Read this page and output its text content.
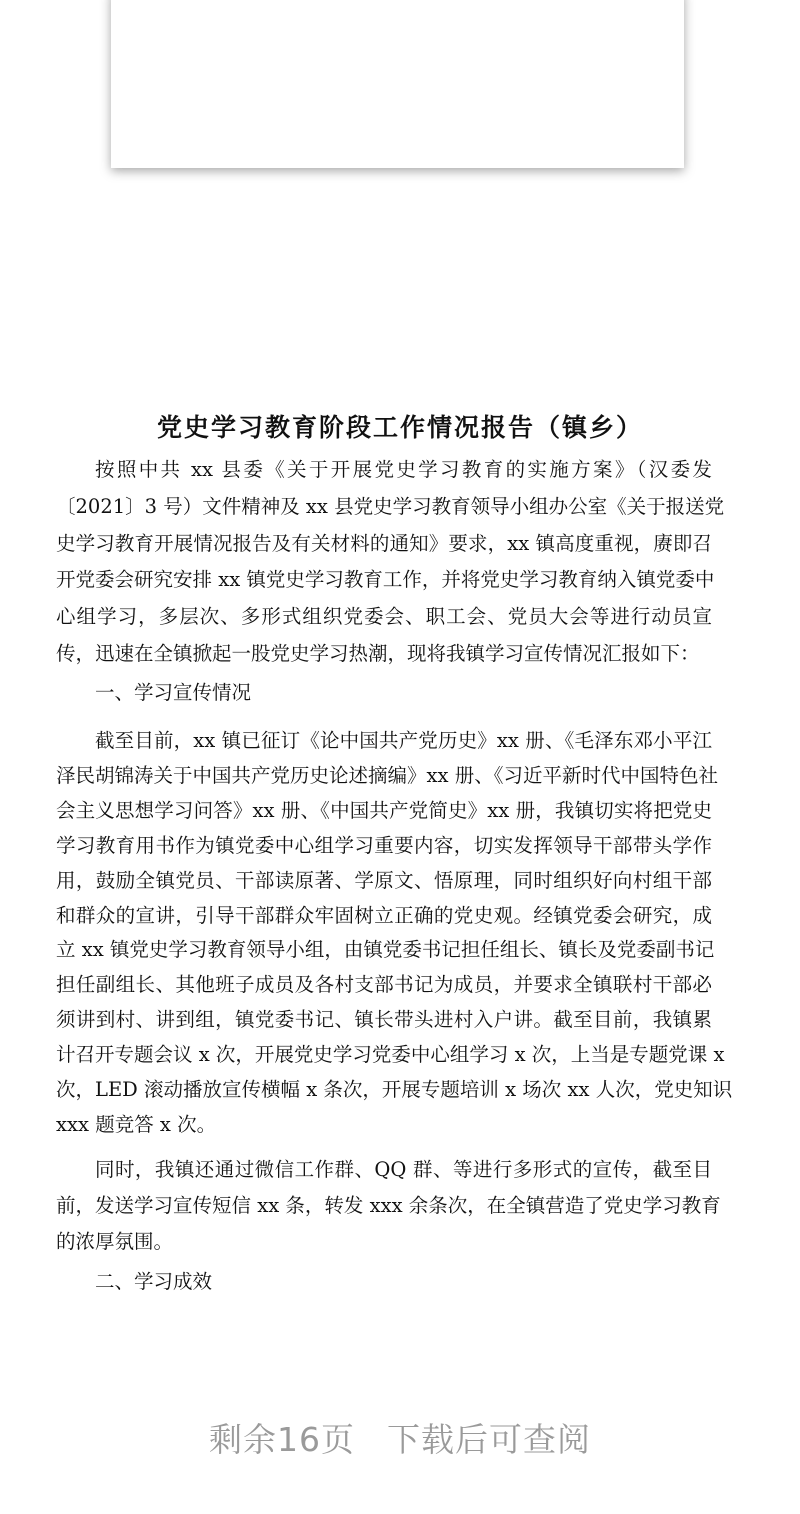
党史学习教育阶段工作情况报告（镇乡）
按照中共 xx 县委《关于开展党史学习教育的实施方案》（汉委发
〔2021〕3 号）文件精神及 xx 县党史学习教育领导小组办公室《关于报送党
史学习教育开展情况报告及有关材料的通知》要求，xx 镇高度重视，赓即召
开党委会研究安排 xx 镇党史学习教育工作，并将党史学习教育纳入镇党委中
心组学习，多层次、多形式组织党委会、职工会、党员大会等进行动员宣
传，迅速在全镇掀起一股党史学习热潮，现将我镇学习宣传情况汇报如下：
一、学习宣传情况
截至目前，xx 镇已征订《论中国共产党历史》xx 册、《毛泽东邓小平江
泽民胡锦涛关于中国共产党历史论述摘编》xx 册、《习近平新时代中国特色社
会主义思想学习问答》xx 册、《中国共产党简史》xx 册，我镇切实将把党史
学习教育用书作为镇党委中心组学习重要内容，切实发挥领导干部带头学作
用，鼓励全镇党员、干部读原著、学原文、悟原理，同时组织好向村组干部
和群众的宣讲，引导干部群众牢固树立正确的党史观。经镇党委会研究，成
立 xx 镇党史学习教育领导小组，由镇党委书记担任组长、镇长及党委副书记
担任副组长、其他班子成员及各村支部书记为成员，并要求全镇联村干部必
须讲到村、讲到组，镇党委书记、镇长带头进村入户讲。截至目前，我镇累
计召开专题会议 x 次，开展党史学习党委中心组学习 x 次，上当是专题党课 x
次，LED 滚动播放宣传横幅 x 条次，开展专题培训 x 场次 xx 人次，党史知识
xxx 题竞答 x 次。
同时，我镇还通过微信工作群、QQ 群、等进行多形式的宣传，截至目
前，发送学习宣传短信 xx 条，转发 xxx 余条次，在全镇营造了党史学习教育
的浓厚氛围。
二、学习成效
剩余16页 下载后可查阅
